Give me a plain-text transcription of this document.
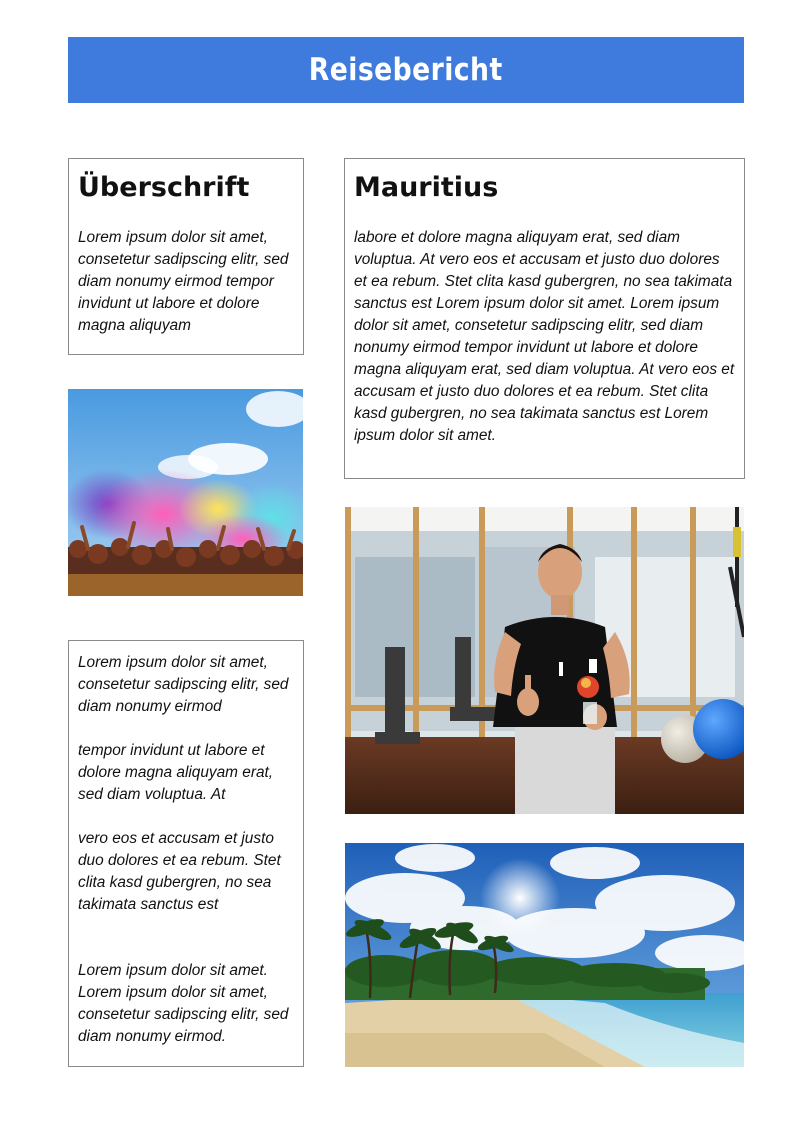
Reisebericht
Überschrift

Lorem ipsum dolor sit amet, consetetur sadipscing elitr, sed diam nonumy eirmod tempor invidunt ut labore et dolore magna aliquyam

Mauritius

labore et dolore magna aliquyam erat, sed diam voluptua. At vero eos et accusam et justo duo dolores et ea rebum. Stet clita kasd gubergren, no sea takimata sanctus est Lorem ipsum dolor sit amet. Lorem ipsum dolor sit amet, consetetur sadipscing elitr, sed diam nonumy eirmod tempor invidunt ut labore et dolore magna aliquyam erat, sed diam voluptua. At vero eos et accusam et justo duo dolores et ea rebum. Stet clita kasd gubergren, no sea takimata sanctus est Lorem ipsum dolor sit amet.

Lorem ipsum dolor sit amet, consetetur sadipscing elitr, sed diam nonumy eirmod

tempor invidunt ut labore et dolore magna aliquyam erat, sed diam voluptua. At

vero eos et accusam et justo duo dolores et ea rebum. Stet clita kasd gubergren, no sea takimata sanctus est

Lorem ipsum dolor sit amet. Lorem ipsum dolor sit amet, consetetur sadipscing elitr, sed diam nonumy eirmod.
